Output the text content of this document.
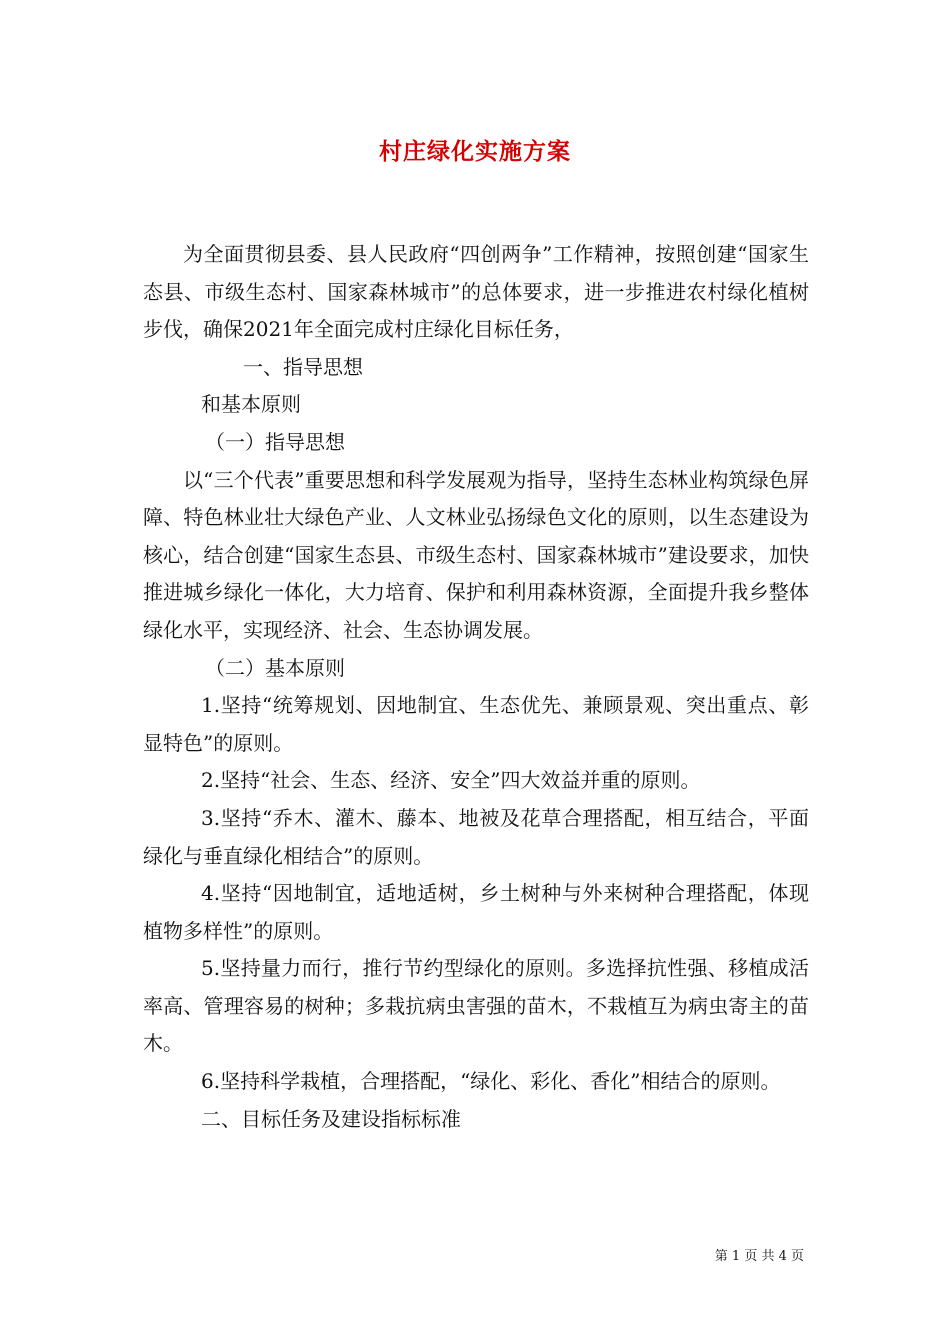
村庄绿化实施方案

为全面贯彻县委、县人民政府“四创两争”工作精神，按照创建“国家生态县、市级生态村、国家森林城市”的总体要求，进一步推进农村绿化植树步伐，确保2021年全面完成村庄绿化目标任务，

一、指导思想

和基本原则

（一）指导思想

以“三个代表”重要思想和科学发展观为指导，坚持生态林业构筑绿色屏障、特色林业壮大绿色产业、人文林业弘扬绿色文化的原则，以生态建设为核心，结合创建“国家生态县、市级生态村、国家森林城市”建设要求，加快推进城乡绿化一体化，大力培育、保护和利用森林资源，全面提升我乡整体绿化水平，实现经济、社会、生态协调发展。

（二）基本原则

1.坚持“统筹规划、因地制宜、生态优先、兼顾景观、突出重点、彰显特色”的原则。

2.坚持“社会、生态、经济、安全”四大效益并重的原则。

3.坚持“乔木、灌木、藤本、地被及花草合理搭配，相互结合，平面绿化与垂直绿化相结合”的原则。

4.坚持“因地制宜，适地适树，乡土树种与外来树种合理搭配，体现植物多样性”的原则。

5.坚持量力而行，推行节约型绿化的原则。多选择抗性强、移植成活率高、管理容易的树种；多栽抗病虫害强的苗木，不栽植互为病虫寄主的苗木。

6.坚持科学栽植，合理搭配，“绿化、彩化、香化”相结合的原则。

二、目标任务及建设指标标准

第 1 页 共 4 页
